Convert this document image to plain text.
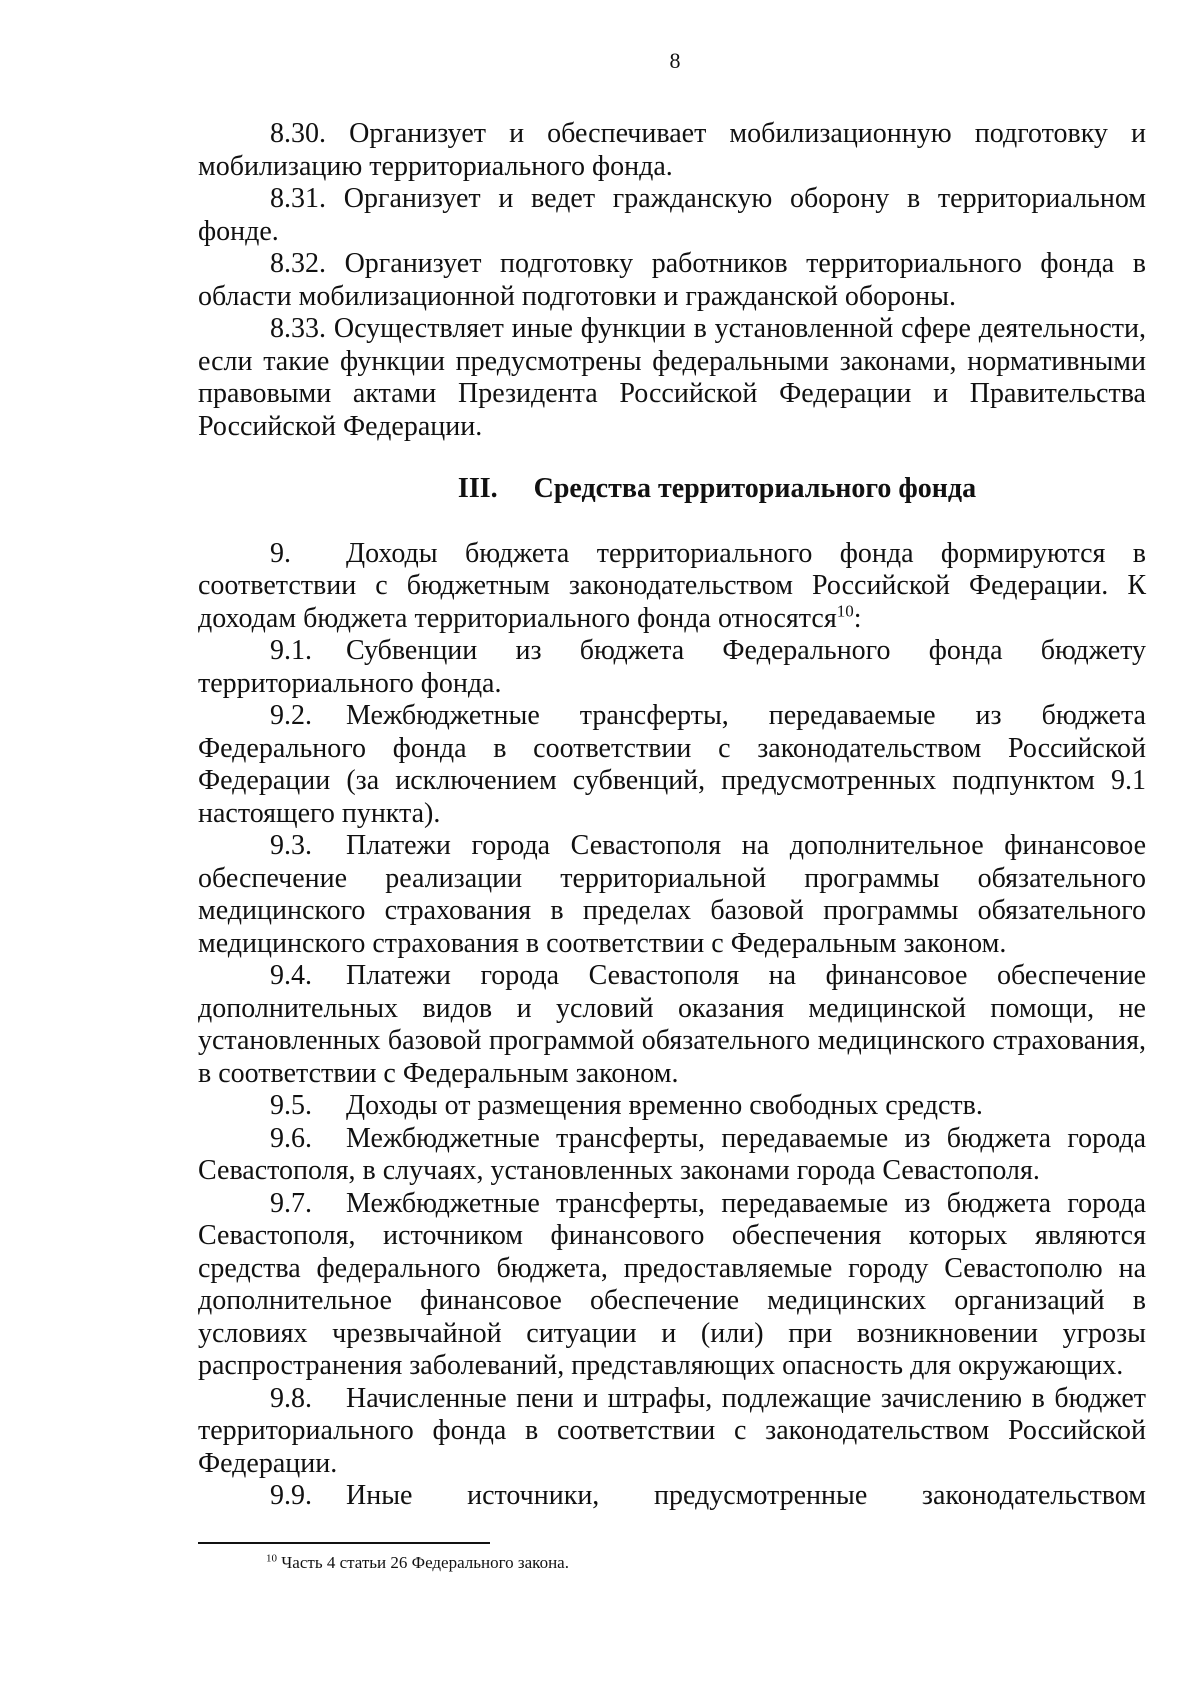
8

8.30. Организует и обеспечивает мобилизационную подготовку и мобилизацию территориального фонда.

8.31. Организует и ведет гражданскую оборону в территориальном фонде.

8.32. Организует подготовку работников территориального фонда в области мобилизационной подготовки и гражданской обороны.

8.33. Осуществляет иные функции в установленной сфере деятельности, если такие функции предусмотрены федеральными законами, нормативными правовыми актами Президента Российской Федерации и Правительства Российской Федерации.

III. Средства территориального фонда

9. Доходы бюджета территориального фонда формируются в соответствии с бюджетным законодательством Российской Федерации. К доходам бюджета территориального фонда относятся$^{10}$:

9.1. Субвенции из бюджета Федерального фонда бюджету территориального фонда.

9.2. Межбюджетные трансферты, передаваемые из бюджета Федерального фонда в соответствии с законодательством Российской Федерации (за исключением субвенций, предусмотренных подпунктом 9.1 настоящего пункта).

9.3. Платежи города Севастополя на дополнительное финансовое обеспечение реализации территориальной программы обязательного медицинского страхования в пределах базовой программы обязательного медицинского страхования в соответствии с Федеральным законом.

9.4. Платежи города Севастополя на финансовое обеспечение дополнительных видов и условий оказания медицинской помощи, не установленных базовой программой обязательного медицинского страхования, в соответствии с Федеральным законом.

9.5. Доходы от размещения временно свободных средств.

9.6. Межбюджетные трансферты, передаваемые из бюджета города Севастополя, в случаях, установленных законами города Севастополя.

9.7. Межбюджетные трансферты, передаваемые из бюджета города Севастополя, источником финансового обеспечения которых являются средства федерального бюджета, предоставляемые городу Севастополю на дополнительное финансовое обеспечение медицинских организаций в условиях чрезвычайной ситуации и (или) при возникновении угрозы распространения заболеваний, представляющих опасность для окружающих.

9.8. Начисленные пени и штрафы, подлежащие зачислению в бюджет территориального фонда в соответствии с законодательством Российской Федерации.

9.9. Иные источники, предусмотренные законодательством

$^{10}$ Часть 4 статьи 26 Федерального закона.
